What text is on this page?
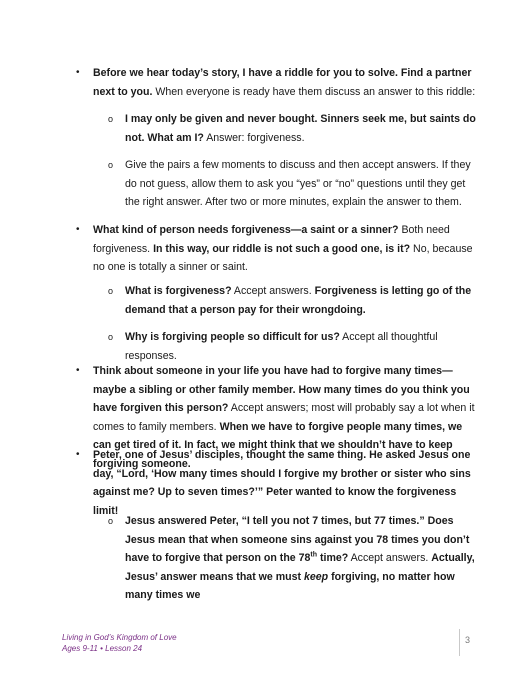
• Before we hear today’s story, I have a riddle for you to solve. Find a partner next to you. When everyone is ready have them discuss an answer to this riddle:

o I may only be given and never bought. Sinners seek me, but saints do not. What am I? Answer: forgiveness.

o Give the pairs a few moments to discuss and then accept answers. If they do not guess, allow them to ask you “yes” or “no” questions until they get the right answer. After two or more minutes, explain the answer to them.

• What kind of person needs forgiveness—a saint or a sinner? Both need forgiveness. In this way, our riddle is not such a good one, is it? No, because no one is totally a sinner or saint.

o What is forgiveness? Accept answers. Forgiveness is letting go of the demand that a person pay for their wrongdoing.

o Why is forgiving people so difficult for us? Accept all thoughtful responses.

• Think about someone in your life you have had to forgive many times—maybe a sibling or other family member. How many times do you think you have forgiven this person? Accept answers; most will probably say a lot when it comes to family members. When we have to forgive people many times, we can get tired of it. In fact, we might think that we shouldn’t have to keep forgiving someone.

• Peter, one of Jesus’ disciples, thought the same thing. He asked Jesus one day, “Lord, ‘How many times should I forgive my brother or sister who sins against me? Up to seven times?’” Peter wanted to know the forgiveness limit!

o Jesus answered Peter, “I tell you not 7 times, but 77 times.” Does Jesus mean that when someone sins against you 78 times you don’t have to forgive that person on the 78th time? Accept answers. Actually, Jesus’ answer means that we must keep forgiving, no matter how many times we

Living in God’s Kingdom of Love
Ages 9-11 • Lesson 24
3
